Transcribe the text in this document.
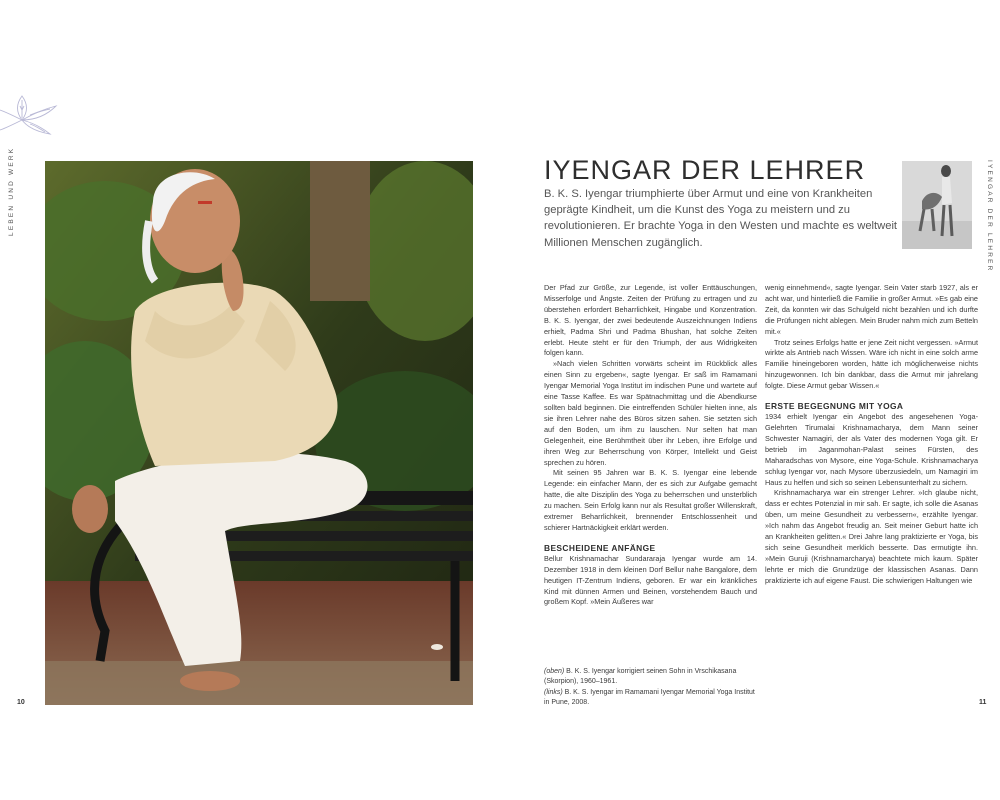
LEBEN UND WERK	IYENGAR DER LEHRER
IYENGAR DER LEHRER

B. K. S. Iyengar triumphierte über Armut und eine von Krankheiten geprägte Kindheit, um die Kunst des Yoga zu meistern und zu revolutionieren. Er brachte Yoga in den Westen und machte es weltweit Millionen Menschen zugänglich.

Der Pfad zur Größe, zur Legende, ist voller Enttäuschungen, Misserfolge und Ängste. Zeiten der Prüfung zu ertragen und zu überstehen erfordert Beharrlichkeit, Hingabe und Konzentration. B. K. S. Iyengar, der zwei bedeutende Auszeichnungen Indiens erhielt, Padma Shri und Padma Bhushan, hat solche Zeiten erlebt. Heute steht er für den Triumph, der aus Widrigkeiten folgen kann.

»Nach vielen Schritten vorwärts scheint im Rückblick alles einen Sinn zu ergeben«, sagte Iyengar. Er saß im Ramamani Iyengar Memorial Yoga Institut im indischen Pune und wartete auf eine Tasse Kaffee. Es war Spätnachmittag und die Abendkurse sollten bald beginnen. Die eintreffenden Schüler hielten inne, als sie ihren Lehrer nahe des Büros sitzen sahen. Sie setzten sich auf den Boden, um ihm zu lauschen. Nur selten hat man Gelegenheit, eine Berühmtheit über ihr Leben, ihre Erfolge und ihren Weg zur Beherrschung von Körper, Intellekt und Geist sprechen zu hören.

Mit seinen 95 Jahren war B. K. S. Iyengar eine lebende Legende: ein einfacher Mann, der es sich zur Aufgabe gemacht hatte, die alte Disziplin des Yoga zu beherrschen und unsterblich zu machen. Sein Erfolg kann nur als Resultat großer Willenskraft, extremer Beharrlichkeit, brennender Entschlossenheit und schierer Hartnäckigkeit erklärt werden.

BESCHEIDENE ANFÄNGE

Bellur Krishnamachar Sundararaja Iyengar wurde am 14. Dezember 1918 in dem kleinen Dorf Bellur nahe Bangalore, dem heutigen IT-Zentrum Indiens, geboren. Er war ein kränkliches Kind mit dünnen Armen und Beinen, vorstehendem Bauch und großem Kopf. »Mein Äußeres war

wenig einnehmend«, sagte Iyengar. Sein Vater starb 1927, als er acht war, und hinterließ die Familie in großer Armut. »Es gab eine Zeit, da konnten wir das Schulgeld nicht bezahlen und ich durfte die Prüfungen nicht ablegen. Mein Bruder nahm mich zum Betteln mit.«

Trotz seines Erfolgs hatte er jene Zeit nicht vergessen. »Armut wirkte als Antrieb nach Wissen. Wäre ich nicht in eine solch arme Familie hineingeboren worden, hätte ich möglicherweise nichts hinzugewonnen. Ich bin dankbar, dass die Armut mir jahrelang folgte. Diese Armut gebar Wissen.«

ERSTE BEGEGNUNG MIT YOGA

1934 erhielt Iyengar ein Angebot des angesehenen Yoga-Gelehrten Tirumalai Krishnamacharya, dem Mann seiner Schwester Namagiri, der als Vater des modernen Yoga gilt. Er betrieb im Jaganmohan-Palast seines Fürsten, des Maharadschas von Mysore, eine Yoga-Schule. Krishnamacharya schlug Iyengar vor, nach Mysore überzusiedeln, um Namagiri im Haus zu helfen und sich so seinen Lebensunterhalt zu sichern.

Krishnamacharya war ein strenger Lehrer. »Ich glaube nicht, dass er echtes Potenzial in mir sah. Er sagte, ich solle die Asanas üben, um meine Gesundheit zu verbessern«, erzählte Iyengar. »Ich nahm das Angebot freudig an. Seit meiner Geburt hatte ich an Krankheiten gelitten.« Drei Jahre lang praktizierte er Yoga, bis sich seine Gesundheit merklich besserte. Das ermutigte ihn. »Mein Guruji (Krishnamarcharya) beachtete mich kaum. Später lehrte er mich die Grundzüge der klassischen Asanas. Dann praktizierte ich auf eigene Faust. Die schwierigen Haltungen wie

(oben) B. K. S. Iyengar korrigiert seinen Sohn in Vrschikasana (Skorpion), 1960–1961.

(links) B. K. S. Iyengar im Ramamani Iyengar Memorial Yoga Institut in Pune, 2008.

10	11
